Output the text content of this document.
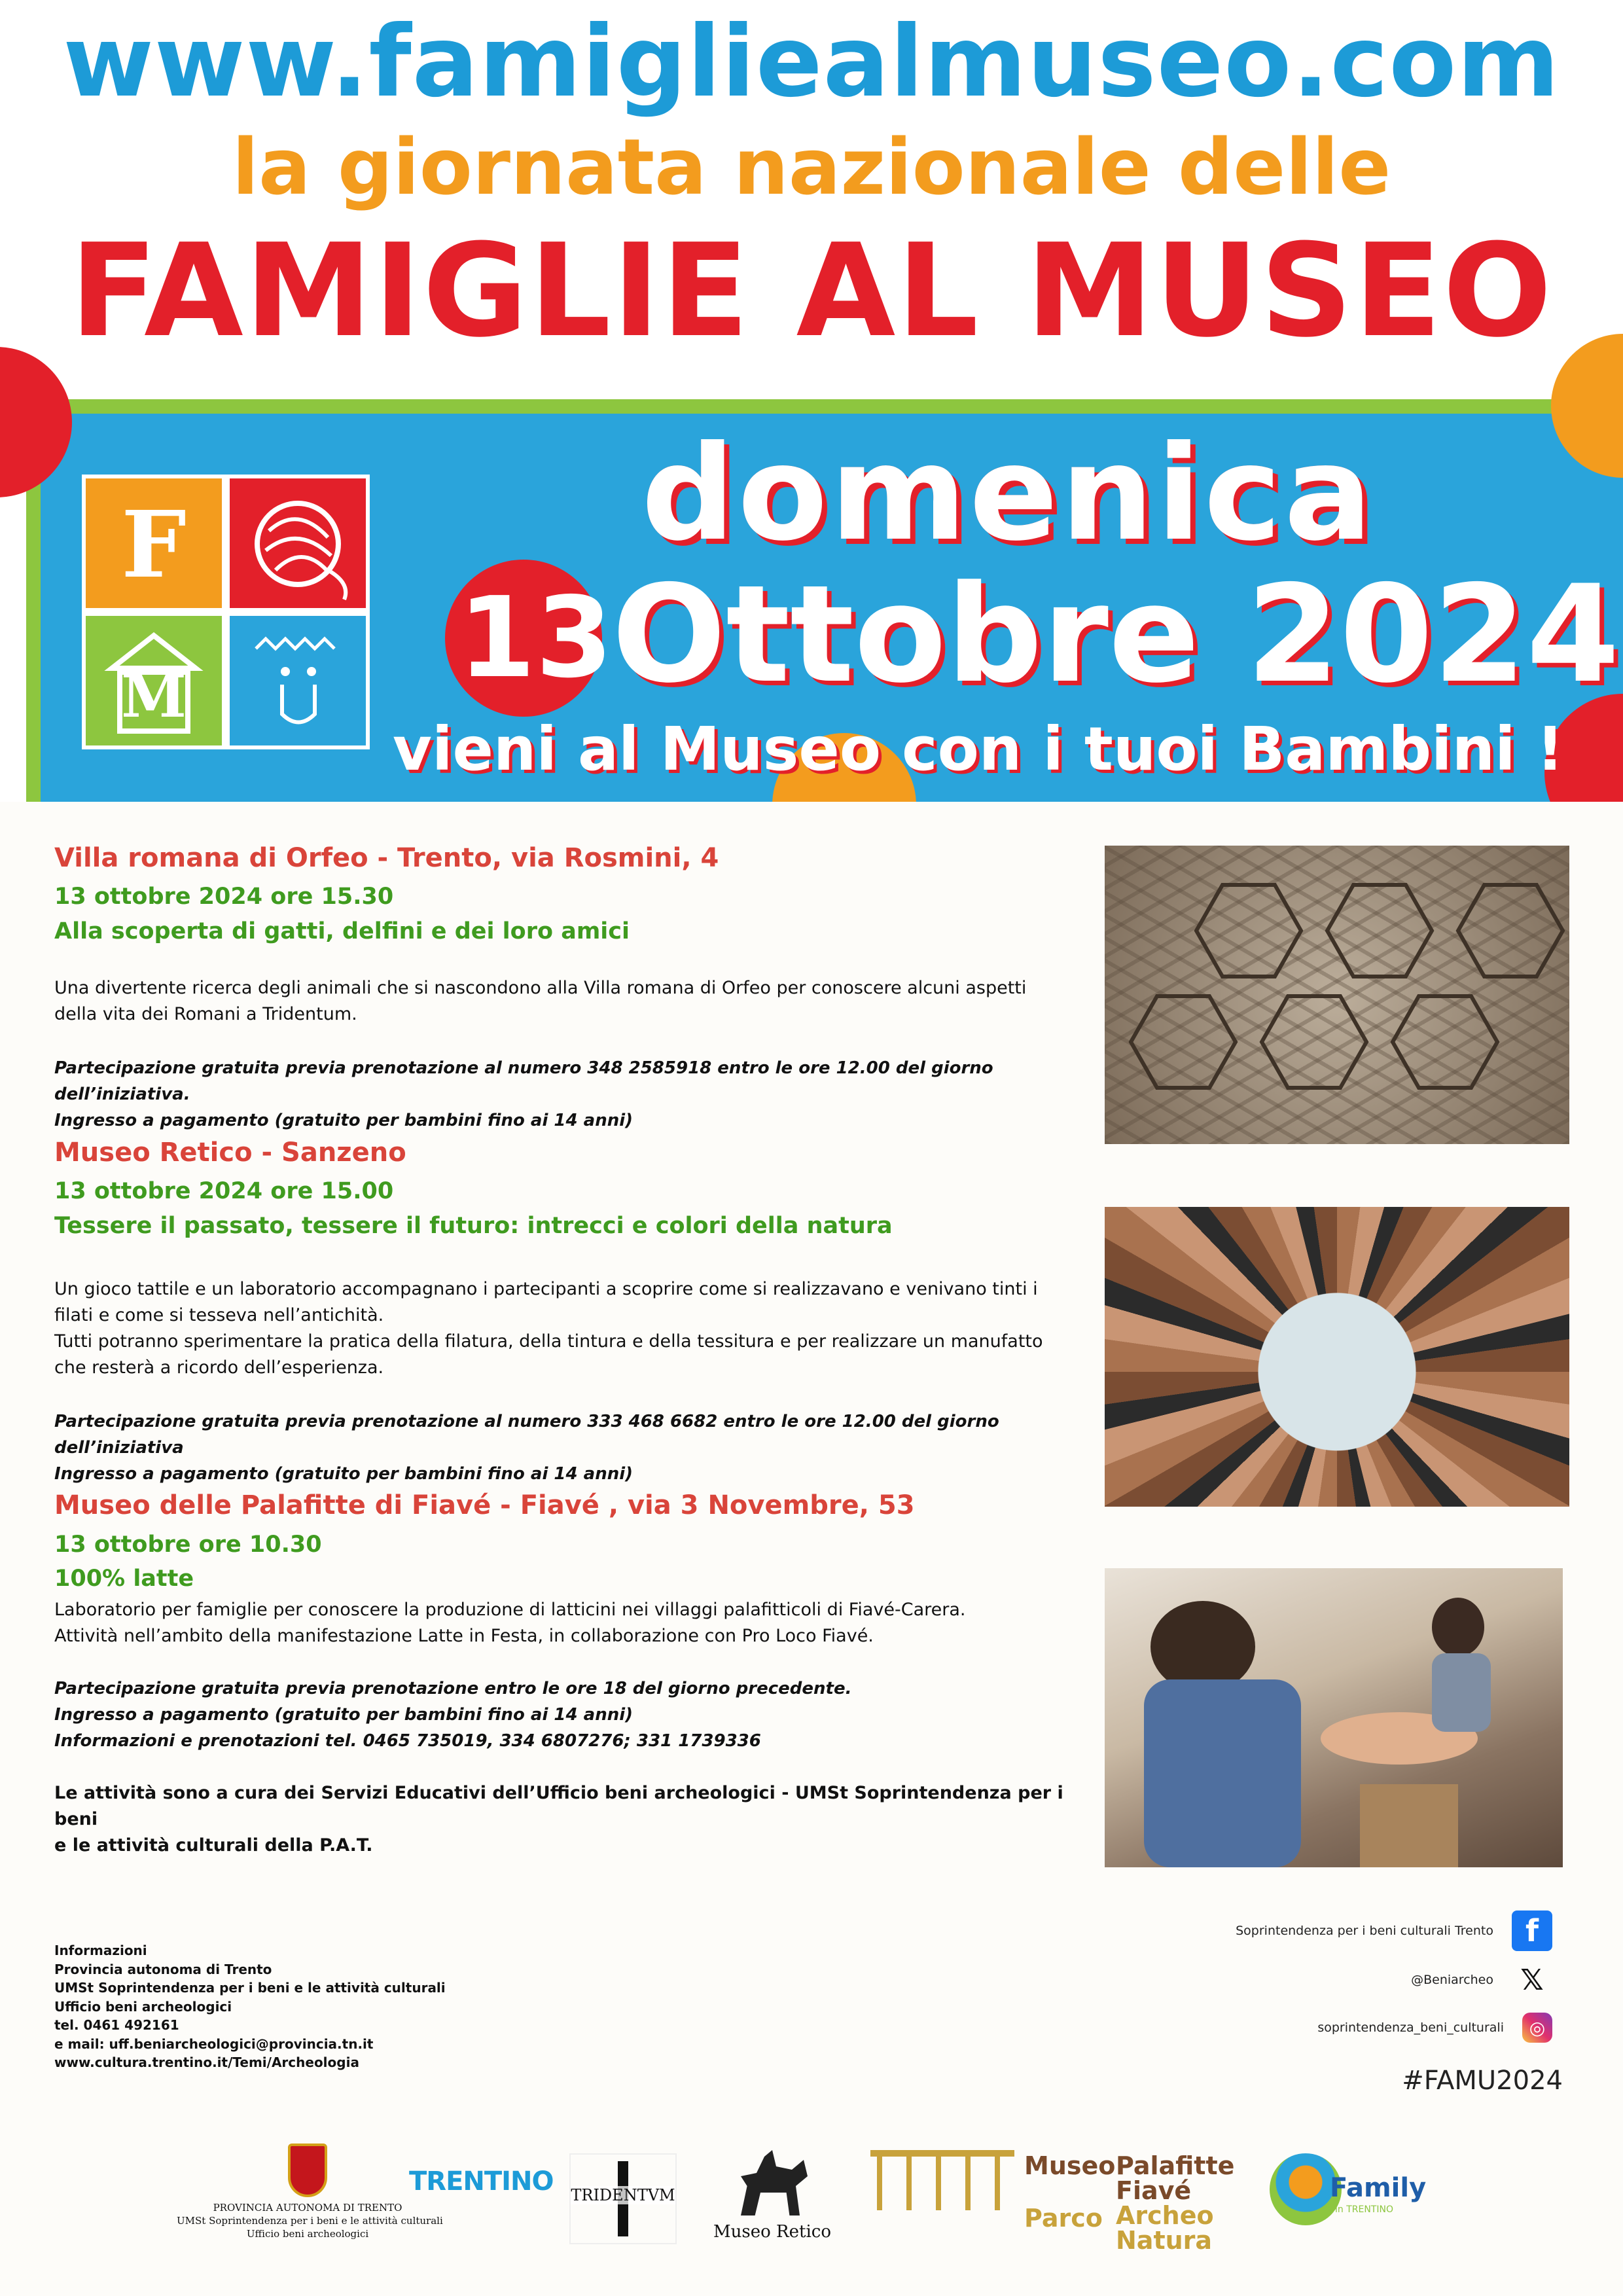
www.famigliealmuseo.com
la giornata nazionale delle
FAMIGLIE AL MUSEO
F
M
domenica
13
Ottobre 2024
vieni al Museo con i tuoi Bambini !
Villa romana di Orfeo - Trento, via Rosmini, 4
13 ottobre 2024 ore 15.30
Alla scoperta di gatti, delfini e dei loro amici

Una divertente ricerca degli animali che si nascondono alla Villa romana di Orfeo per conoscere alcuni aspetti

della vita dei Romani a Tridentum.

Partecipazione gratuita previa prenotazione al numero 348 2585918 entro le ore 12.00 del giorno dell’iniziativa.

Ingresso a pagamento (gratuito per bambini fino ai 14 anni)

Museo Retico - Sanzeno
13 ottobre 2024 ore 15.00
Tessere il passato, tessere il futuro: intrecci e colori della natura

Un gioco tattile e un laboratorio accompagnano i partecipanti a scoprire come si realizzavano e venivano tinti i

filati e come si tesseva nell’antichità.

Tutti potranno sperimentare la pratica della filatura, della tintura e della tessitura e per realizzare un manufatto

che resterà a ricordo dell’esperienza.

Partecipazione gratuita previa prenotazione al numero 333 468 6682 entro le ore 12.00 del giorno dell’iniziativa

Ingresso a pagamento (gratuito per bambini fino ai 14 anni)

Museo delle Palafitte di Fiavé - Fiavé , via 3 Novembre, 53
13 ottobre ore 10.30
100% latte

Laboratorio per famiglie per conoscere la produzione di latticini nei villaggi palafitticoli di Fiavé-Carera.

Attività nell’ambito della manifestazione Latte in Festa, in collaborazione con Pro Loco Fiavé.

Partecipazione gratuita previa prenotazione entro le ore 18 del giorno precedente.

Ingresso a pagamento (gratuito per bambini fino ai 14 anni)

Informazioni e prenotazioni tel. 0465 735019, 334 6807276; 331 1739336

Le attività sono a cura dei Servizi Educativi dell’Ufficio beni archeologici - UMSt Soprintendenza per i beni

e le attività culturali della P.A.T.

Informazioni
Provincia autonoma di Trento
UMSt Soprintendenza per i beni e le attività culturali
Ufficio beni archeologici
tel. 0461 492161
e mail: uff.beniarcheologici@provincia.tn.it
www.cultura.trentino.it/Temi/Archeologia
Soprintendenza per i beni culturali Trento	f
@Beniarcheo 𝕏
soprintendenza_beni_culturali	◎
#FAMU2024
PROVINCIA AUTONOMA DI TRENTO
UMSt Soprintendenza per i beni e le attività culturali
Ufficio beni archeologici
TRENTINO TRIDENTVM
Museo Retico
Museo
Parco
Palafitte
Fiavé
Archeo
Natura
Family
in TRENTINO
